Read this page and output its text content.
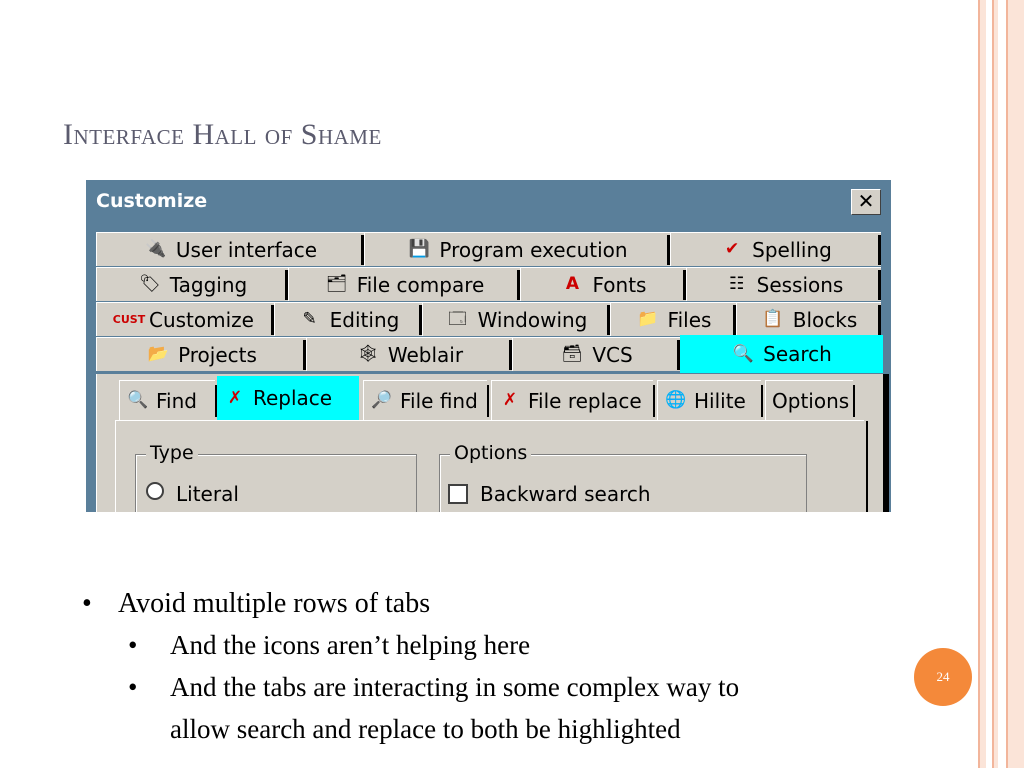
Interface Hall of Shame
Customize	✕
🔌 User interface	💾 Program execution	✔ Spelling
🏷 Tagging	🗂 File compare	A Fonts	☷ Sessions
CUST Customize	✎ Editing	🗔 Windowing	📁 Files	📋 Blocks
📂 Projects	🕸 Weblair	🗃 VCS	🔍 Search
🔍 Find ✗ Replace 🔎 File find ✗ File replace 🌐 Hilite Options
Type	Options
Literal	Backward search
• Avoid multiple rows of tabs
• And the icons aren’t helping here
• And the tabs are interacting in some complex way to
allow search and replace to both be highlighted
24
